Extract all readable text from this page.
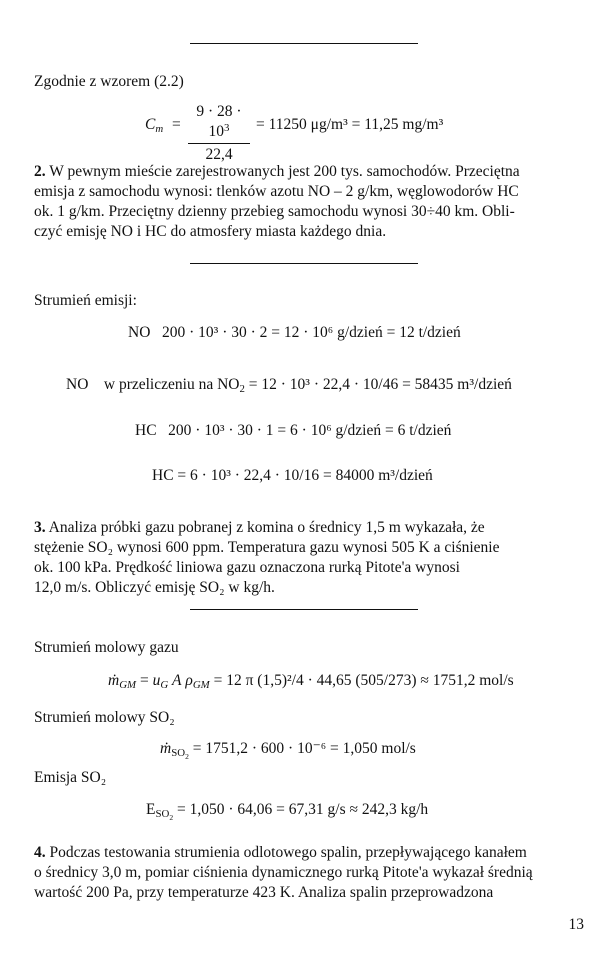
Zgodnie z wzorem (2.2)
$C_m$ =
$9 \cdot 28 \cdot 10^3$
22,4
= 11250 μg/m³ = 11,25 mg/m³
2. W pewnym mieście zarejestrowanych jest 200 tys. samochodów. Przeciętna
emisja z samochodu wynosi: tlenków azotu NO – 2 g/km, węglowodorów HC
ok. 1 g/km. Przeciętny dzienny przebieg samochodu wynosi 30÷40 km. Obli-
czyć emisję NO i HC do atmosfery miasta każdego dnia.
Strumień emisji:
NO 200 · 10³ · 30 · 2 = 12 · 10⁶ g/dzień = 12 t/dzień
NO w przeliczeniu na $NO_2 = 12 \cdot 10^3 \cdot 22,4 \cdot 10/46 = 58435$ m³/dzień
HC 200 · 10³ · 30 · 1 = 6 · 10⁶ g/dzień = 6 t/dzień
HC = 6 · 10³ · 22,4 · 10/16 = 84000 m³/dzień
3. Analiza próbki gazu pobranej z komina o średnicy 1,5 m wykazała, że
stężenie SO₂ wynosi 600 ppm. Temperatura gazu wynosi 505 K a ciśnienie
ok. 100 kPa. Prędkość liniowa gazu oznaczona rurką Pitote'a wynosi
12,0 m/s. Obliczyć emisję SO₂ w kg/h.
Strumień molowy gazu
ṁ$_{GM}$ = $u_G$ A $\rho_{GM} = 12$ π (1,5)²/4 · 44,65 (505/273) ≈ 1751,2 mol/s
Strumień molowy SO₂
ṁ$_{SO_2}$ = 1751,2 · 600 · 10⁻⁶ = 1,050 mol/s
Emisja SO₂
$E_{SO_2} = 1,050 \cdot 64,06 = 67,31$ g/s ≈ 242,3 kg/h
4. Podczas testowania strumienia odlotowego spalin, przepływającego kanałem
o średnicy 3,0 m, pomiar ciśnienia dynamicznego rurką Pitote'a wykazał średnią
wartość 200 Pa, przy temperaturze 423 K. Analiza spalin przeprowadzona
13
